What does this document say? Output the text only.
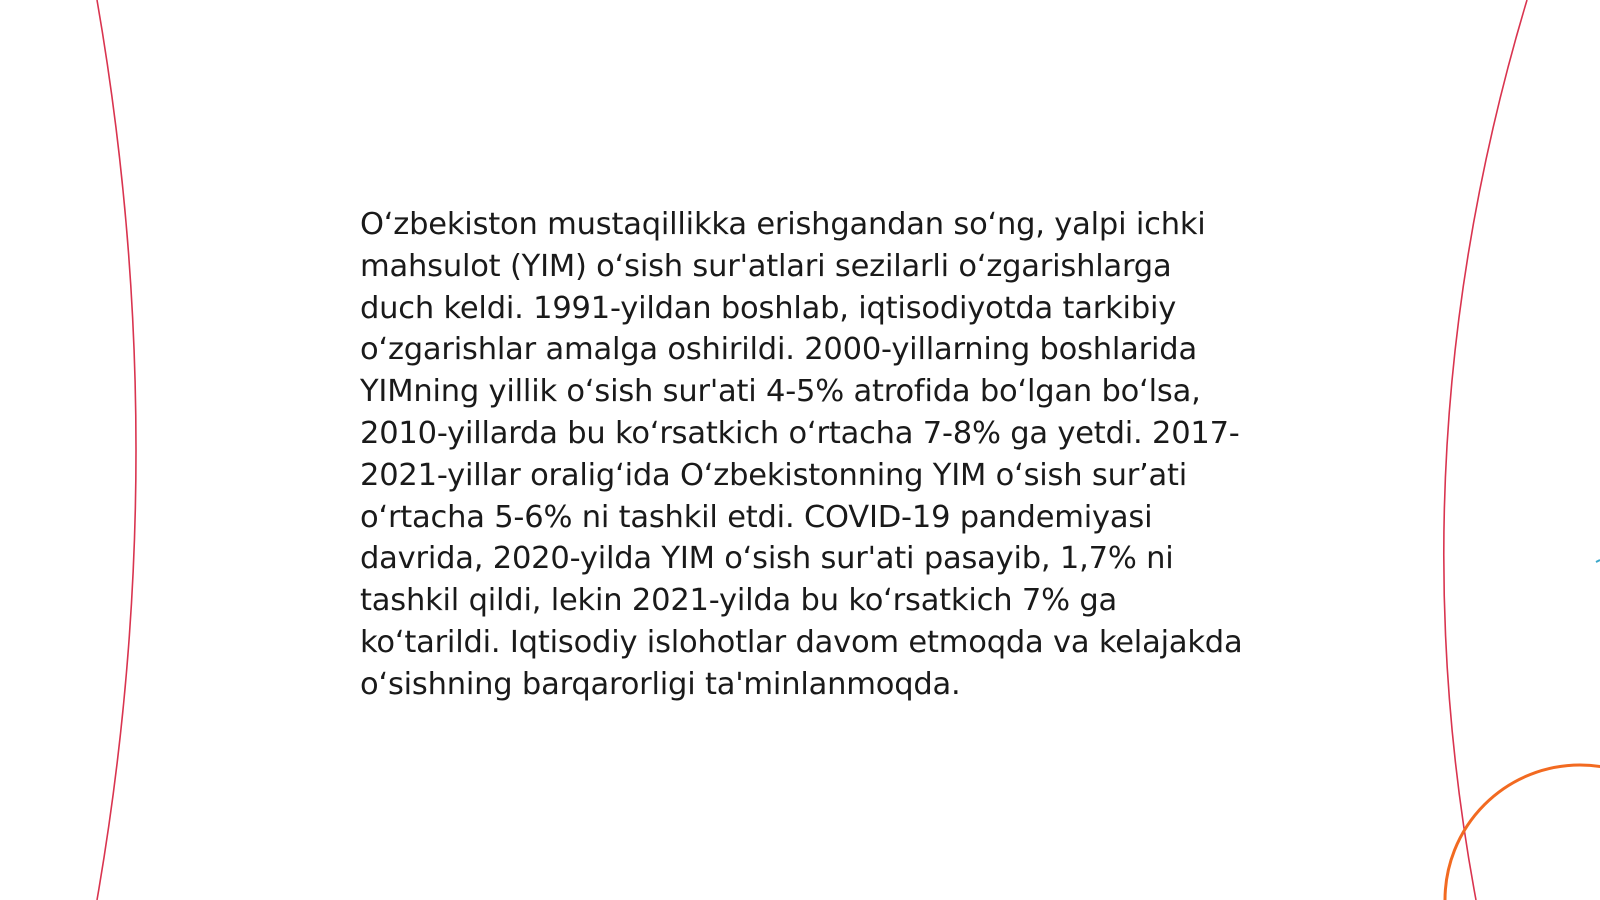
O‘zbekiston mustaqillikka erishgandan so‘ng, yalpi ichki mahsulot (YIM) o‘sish sur'atlari sezilarli o‘zgarishlarga duch keldi. 1991-yildan boshlab, iqtisodiyotda tarkibiy o‘zgarishlar amalga oshirildi. 2000-yillarning boshlarida YIMning yillik o‘sish sur'ati 4-5% atrofida bo‘lgan bo‘lsa, 2010-yillarda bu ko‘rsatkich o‘rtacha 7-8% ga yetdi. 2017-2021-yillar oralig‘ida O‘zbekistonning YIM o‘sish sur’ati o‘rtacha 5-6% ni tashkil etdi. COVID-19 pandemiyasi davrida, 2020-yilda YIM o‘sish sur'ati pasayib, 1,7% ni tashkil qildi, lekin 2021-yilda bu ko‘rsatkich 7% ga ko‘tarildi. Iqtisodiy islohotlar davom etmoqda va kelajakda o‘sishning barqarorligi ta'minlanmoqda.
